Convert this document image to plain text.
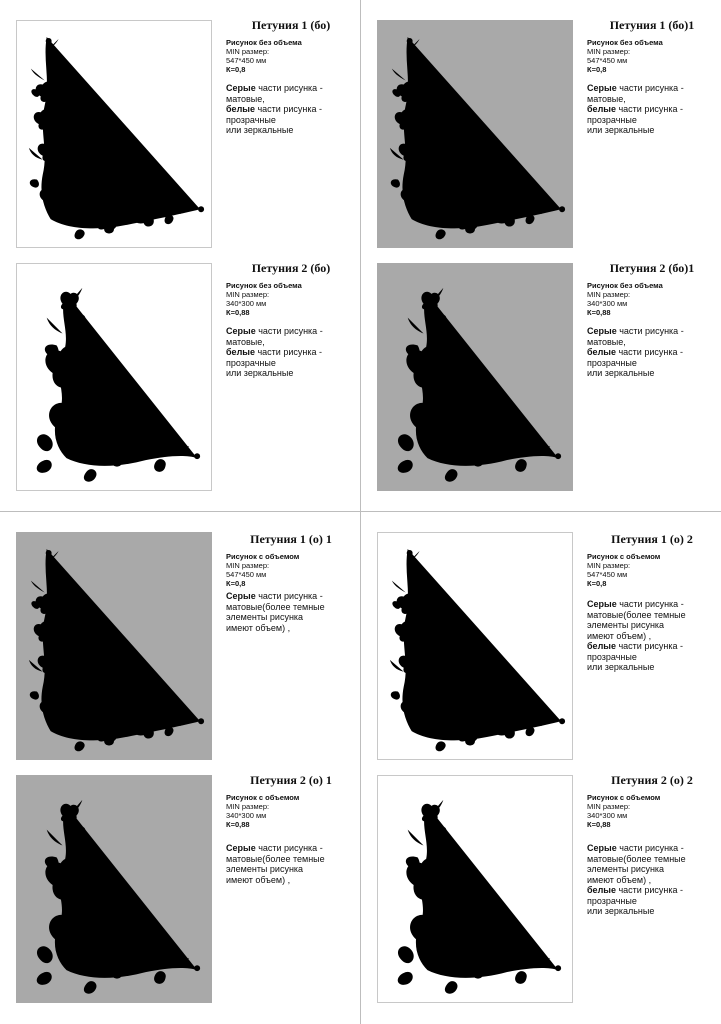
Петуния 1 (бо)

Рисунок без объема

MIN размер:

547*450 мм

К=0,8

Серые части рисунка -
матовые,
белые части рисунка -
прозрачные
или зеркальные

Петуния 1 (бо)1

Рисунок без объема

MIN размер:

547*450 мм

К=0,8

Серые части рисунка -
матовые,
белые части рисунка -
прозрачные
или зеркальные

Петуния 2 (бо)

Рисунок без объема

MIN размер:

340*300 мм

К=0,88

Серые части рисунка -
матовые,
белые части рисунка -
прозрачные
или зеркальные

Петуния 2 (бо)1

Рисунок без объема

MIN размер:

340*300 мм

К=0,88

Серые части рисунка -
матовые,
белые части рисунка -
прозрачные
или зеркальные

Петуния 1 (о) 1

Рисунок с объемом

MIN размер:

547*450 мм

К=0,8

Серые части рисунка -
матовые(более темные
элементы рисунка
имеют объем) ,

Петуния 1 (о) 2

Рисунок с объемом

MIN размер:

547*450 мм

К=0,8

Серые части рисунка -
матовые(более темные
элементы рисунка
имеют объем) ,
белые части рисунка -
прозрачные
или зеркальные

Петуния 2 (о) 1

Рисунок с объемом

MIN размер:

340*300 мм

К=0,88

Серые части рисунка -
матовые(более темные
элементы рисунка
имеют объем) ,

Петуния 2 (о) 2

Рисунок с объемом

MIN размер:

340*300 мм

К=0,88

Серые части рисунка -
матовые(более темные
элементы рисунка
имеют объем) ,
белые части рисунка -
прозрачные
или зеркальные
